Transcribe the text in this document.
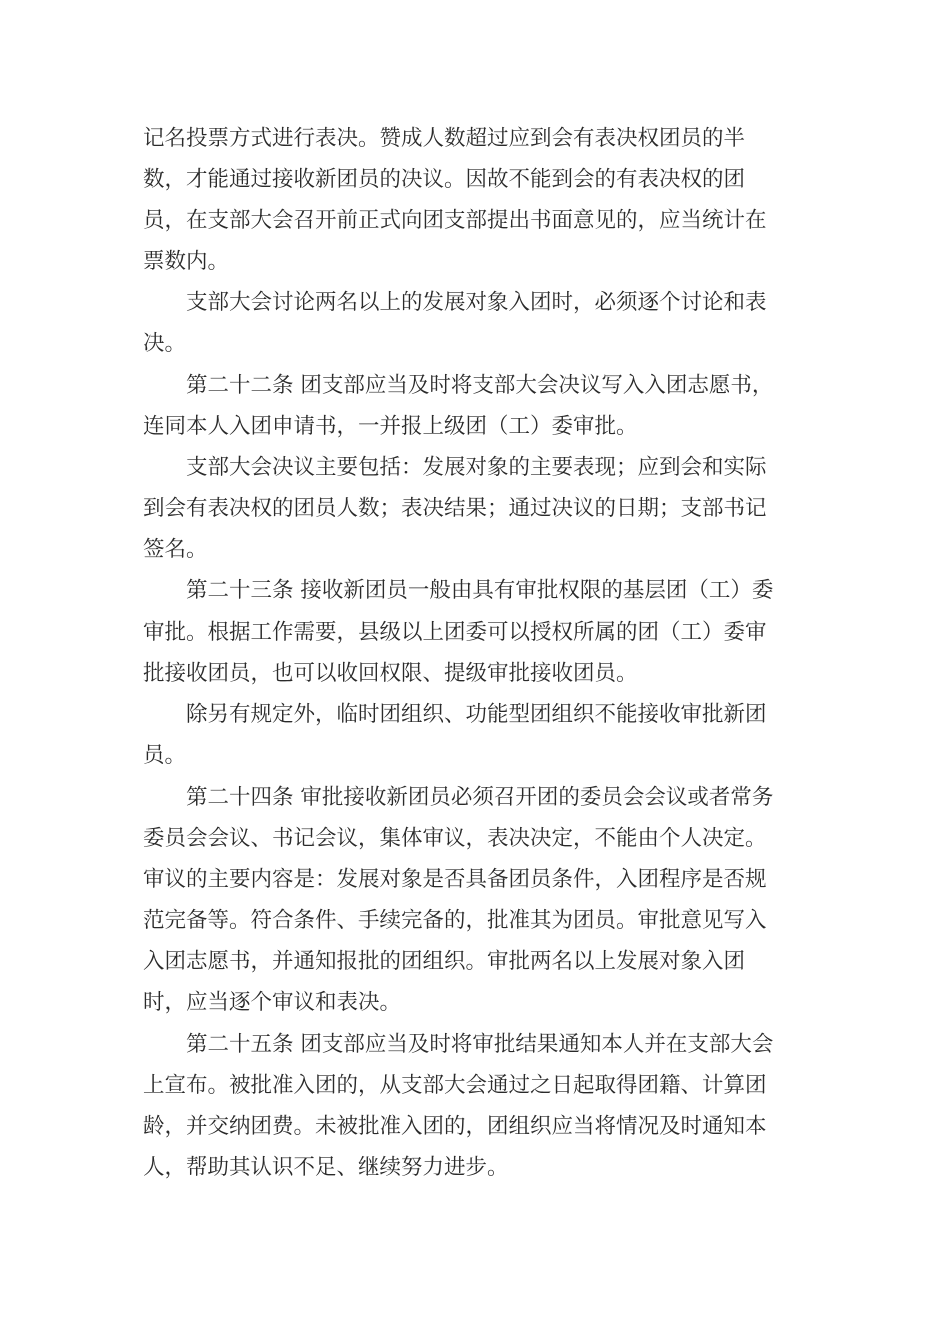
记名投票方式进行表决。赞成人数超过应到会有表决权团员的半
数，才能通过接收新团员的决议。因故不能到会的有表决权的团
员，在支部大会召开前正式向团支部提出书面意见的，应当统计在
票数内。
支部大会讨论两名以上的发展对象入团时，必须逐个讨论和表
决。
第二十二条 团支部应当及时将支部大会决议写入入团志愿书，
连同本人入团申请书，一并报上级团（工）委审批。
支部大会决议主要包括：发展对象的主要表现；应到会和实际
到会有表决权的团员人数；表决结果；通过决议的日期；支部书记
签名。
第二十三条 接收新团员一般由具有审批权限的基层团（工）委
审批。根据工作需要，县级以上团委可以授权所属的团（工）委审
批接收团员，也可以收回权限、提级审批接收团员。
除另有规定外，临时团组织、功能型团组织不能接收审批新团
员。
第二十四条 审批接收新团员必须召开团的委员会会议或者常务
委员会会议、书记会议，集体审议，表决决定，不能由个人决定。
审议的主要内容是：发展对象是否具备团员条件，入团程序是否规
范完备等。符合条件、手续完备的，批准其为团员。审批意见写入
入团志愿书，并通知报批的团组织。审批两名以上发展对象入团
时，应当逐个审议和表决。
第二十五条 团支部应当及时将审批结果通知本人并在支部大会
上宣布。被批准入团的，从支部大会通过之日起取得团籍、计算团
龄，并交纳团费。未被批准入团的，团组织应当将情况及时通知本
人，帮助其认识不足、继续努力进步。
